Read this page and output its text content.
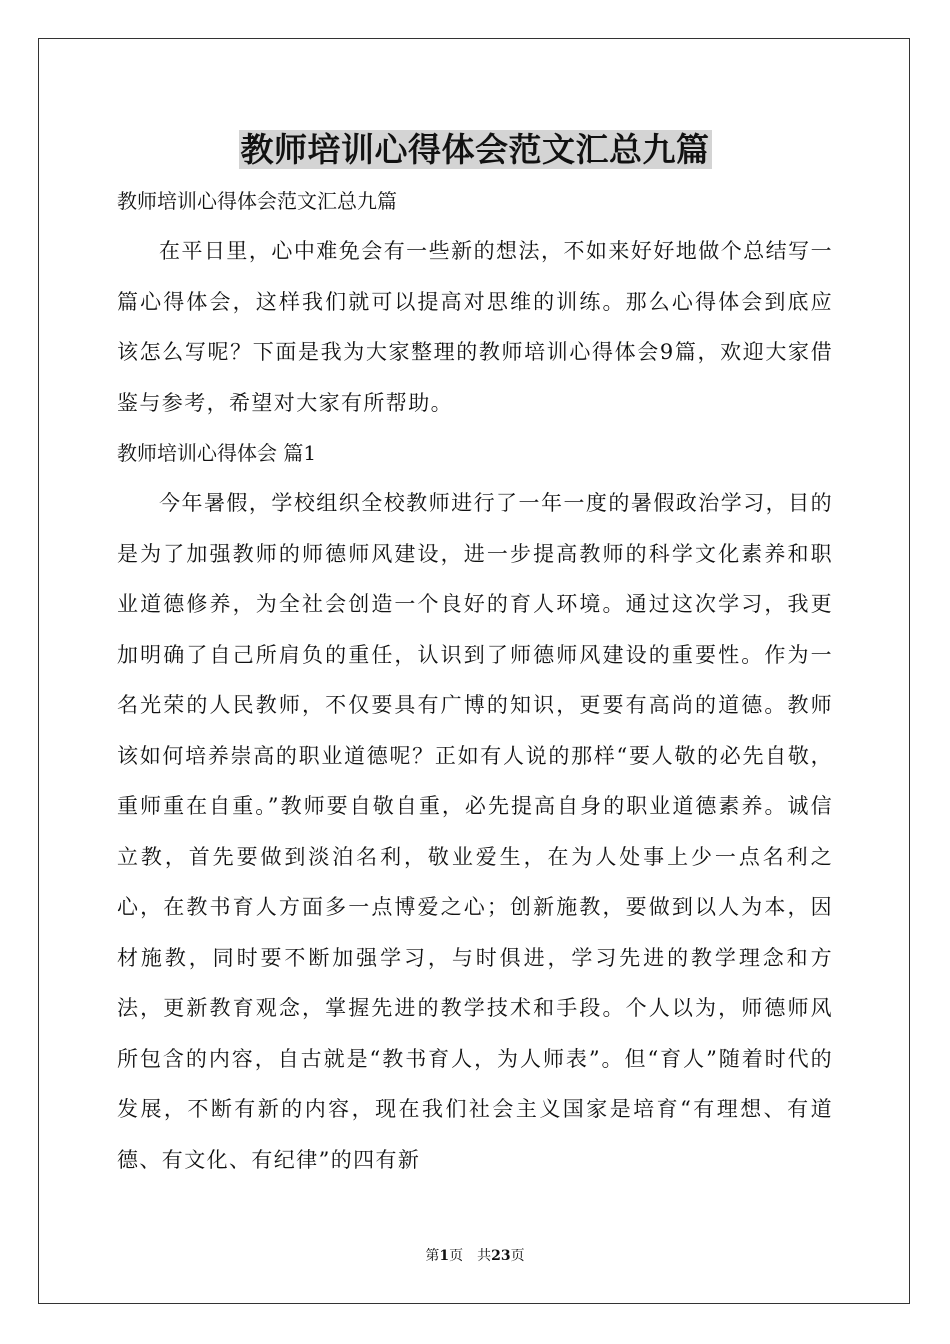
教师培训心得体会范文汇总九篇

教师培训心得体会范文汇总九篇

在平日里，心中难免会有一些新的想法，不如来好好地做个总结写一篇心得体会，这样我们就可以提高对思维的训练。那么心得体会到底应该怎么写呢？下面是我为大家整理的教师培训心得体会9篇，欢迎大家借鉴与参考，希望对大家有所帮助。

教师培训心得体会 篇1

今年暑假，学校组织全校教师进行了一年一度的暑假政治学习，目的是为了加强教师的师德师风建设，进一步提高教师的科学文化素养和职业道德修养，为全社会创造一个良好的育人环境。通过这次学习，我更加明确了自己所肩负的重任，认识到了师德师风建设的重要性。作为一名光荣的人民教师，不仅要具有广博的知识，更要有高尚的道德。教师该如何培养崇高的职业道德呢？正如有人说的那样“要人敬的必先自敬，重师重在自重。”教师要自敬自重，必先提高自身的职业道德素养。诚信立教，首先要做到淡泊名利，敬业爱生，在为人处事上少一点名利之心，在教书育人方面多一点博爱之心；创新施教，要做到以人为本，因材施教，同时要不断加强学习，与时俱进，学习先进的教学理念和方法，更新教育观念，掌握先进的教学技术和手段。个人以为，师德师风所包含的内容，自古就是“教书育人，为人师表”。但“育人”随着时代的发展，不断有新的内容，现在我们社会主义国家是培育“有理想、有道德、有文化、有纪律”的四有新

第1页 共23页
